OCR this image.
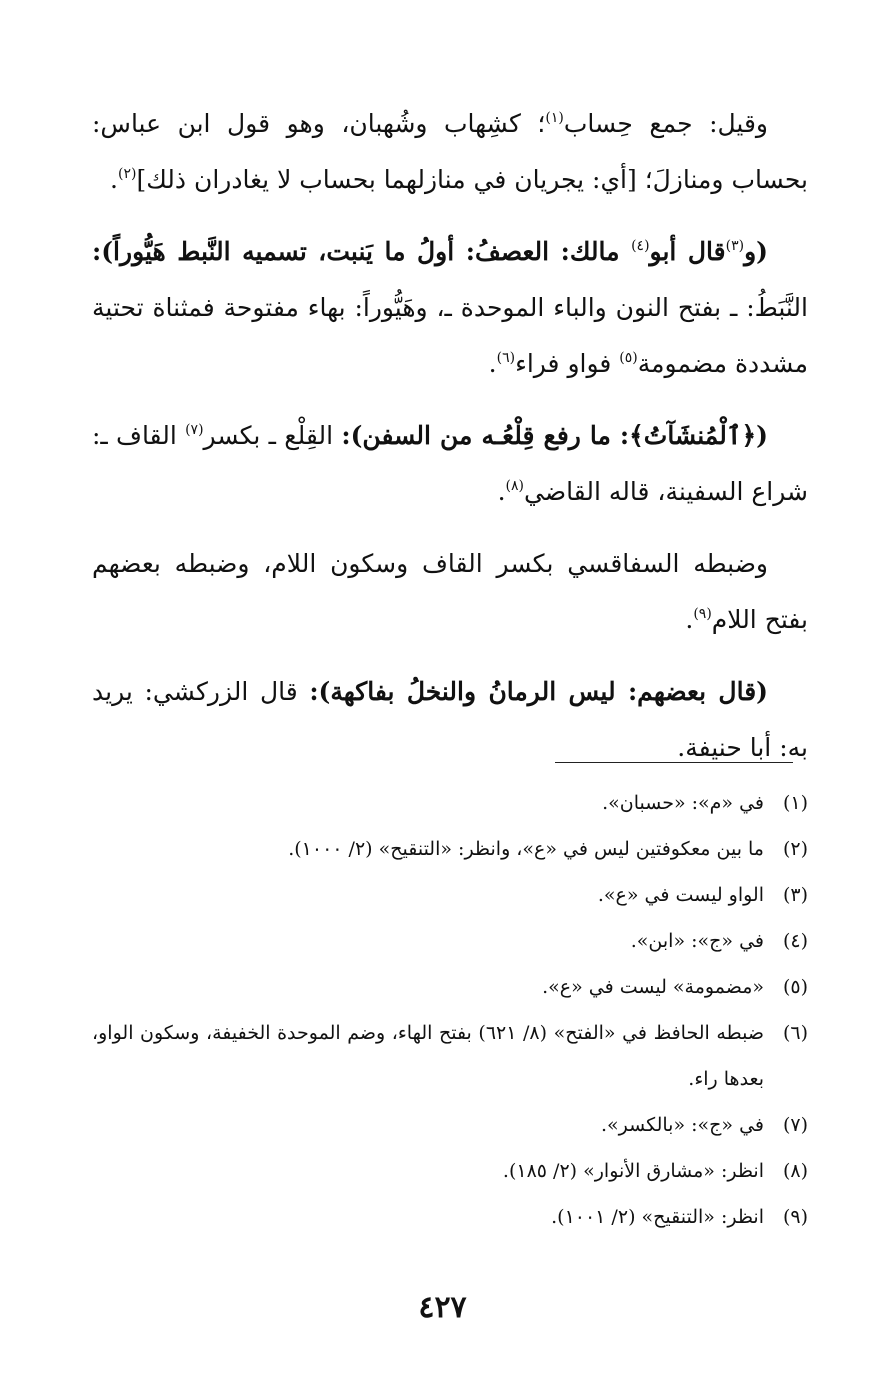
وقيل: جمع حِساب$^{(١)}$؛ كشِهاب وشُهبان، وهو قول ابن عباس: بحساب ومنازلَ؛ [أي: يجريان في منازلهما بحساب لا يغادران ذلك]$^{(٢)}$.

(و$^{(٣)}$قال أبو$^{(٤)}$ مالك: العصفُ: أولُ ما يَنبت، تسميه النَّبط هَيُّوراً): النَّبَطُ: ـ بفتح النون والباء الموحدة ـ، وهَيُّوراً: بهاء مفتوحة فمثناة تحتية مشددة مضمومة$^{(٥)}$ فواو فراء$^{(٦)}$.

(﴿ٱلْمُنشَآتُ﴾: ما رفع قِلْعُـه من السفن): القِلْع ـ بكسر$^{(٧)}$ القاف ـ: شراع السفينة، قاله القاضي$^{(٨)}$.

وضبطه السفاقسي بكسر القاف وسكون اللام، وضبطه بعضهم بفتح اللام$^{(٩)}$.

(قال بعضهم: ليس الرمانُ والنخلُ بفاكهة): قال الزركشي: يريد به: أبا حنيفة.

(١)
في «م»: «حسبان».
(٢)
ما بين معكوفتين ليس في «ع»، وانظر: «التنقيح» (٢/ ١٠٠٠).
(٣)
الواو ليست في «ع».
(٤)
في «ج»: «ابن».
(٥)
«مضمومة» ليست في «ع».
(٦)
ضبطه الحافظ في «الفتح» (٨/ ٦٢١) بفتح الهاء، وضم الموحدة الخفيفة، وسكون الواو، بعدها راء.
(٧)
في «ج»: «بالكسر».
(٨)
انظر: «مشارق الأنوار» (٢/ ١٨٥).
(٩)
انظر: «التنقيح» (٢/ ١٠٠١).
٤٢٧
